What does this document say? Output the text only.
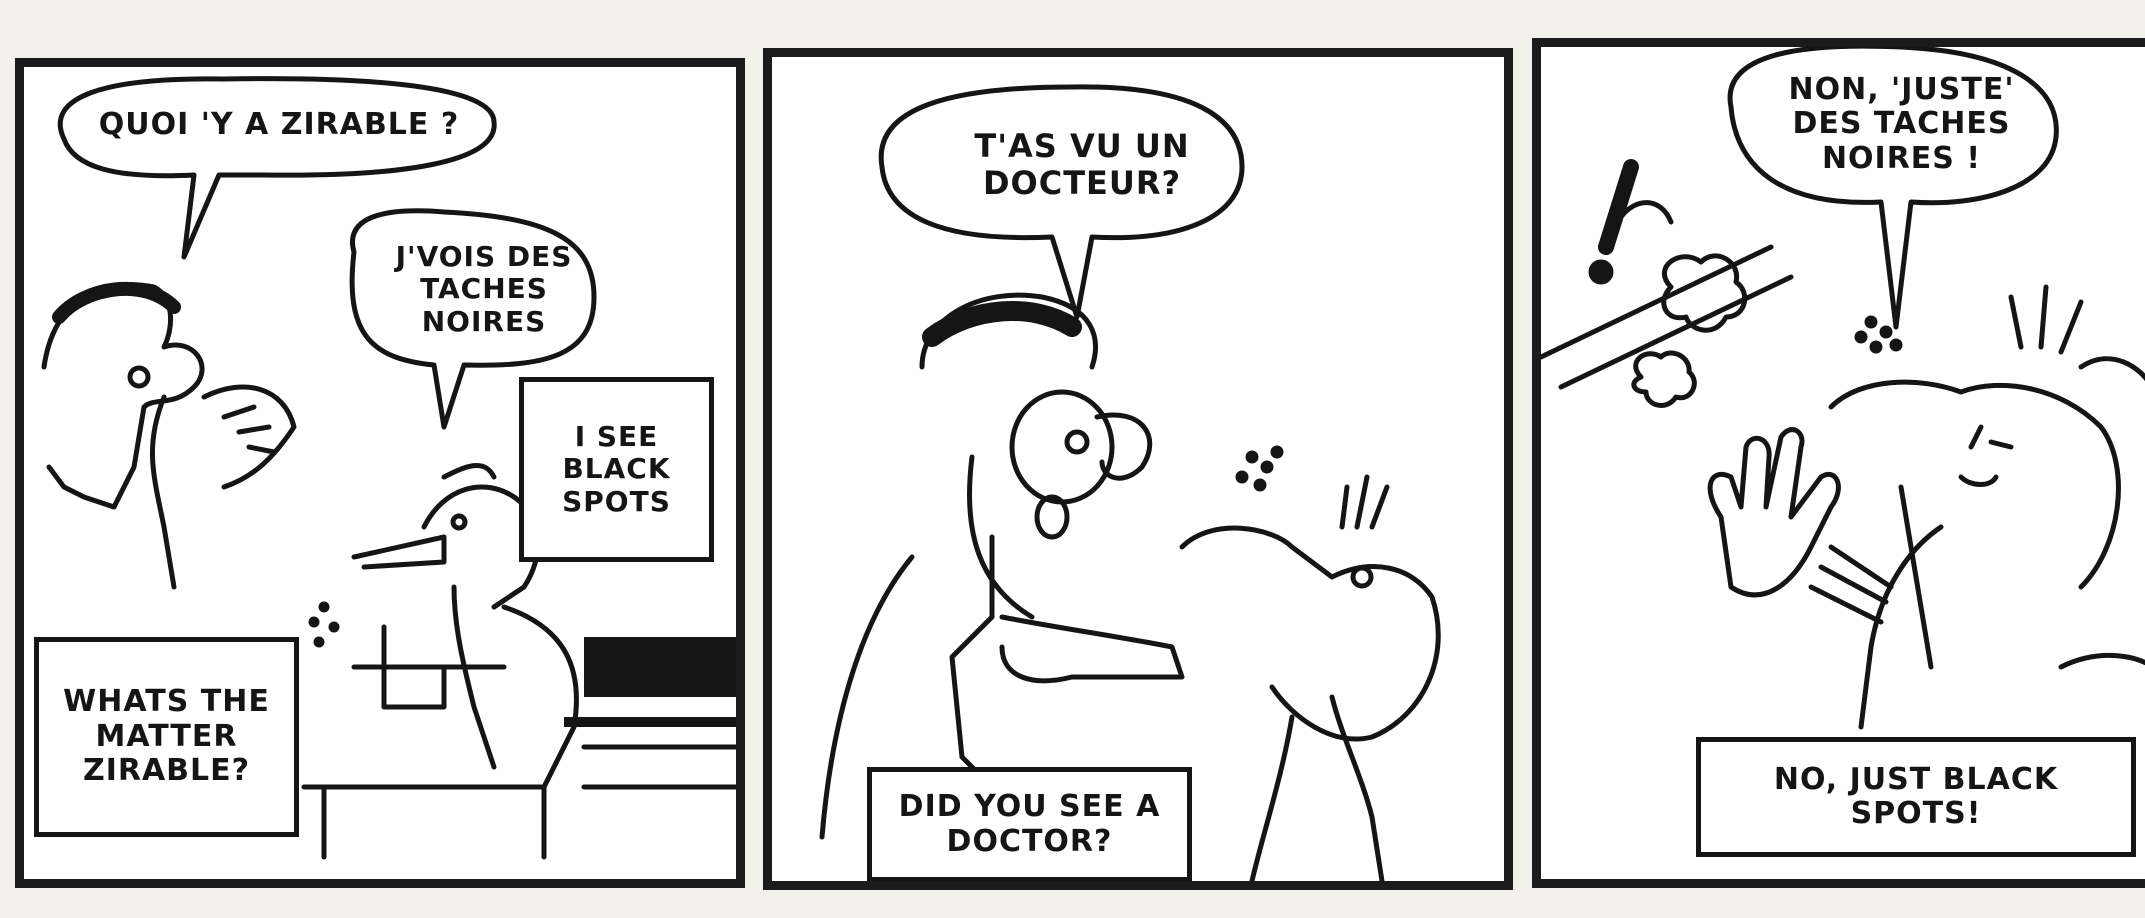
QUOI 'Y A ZIRABLE ?
J'VOIS DES TACHES NOIRES
I SEE BLACK SPOTS
WHATS THE MATTER ZIRABLE?
T'AS VU UN DOCTEUR?
DID YOU SEE A DOCTOR?
NON, 'JUSTE' DES TACHES NOIRES !
NO, JUST BLACK SPOTS!
